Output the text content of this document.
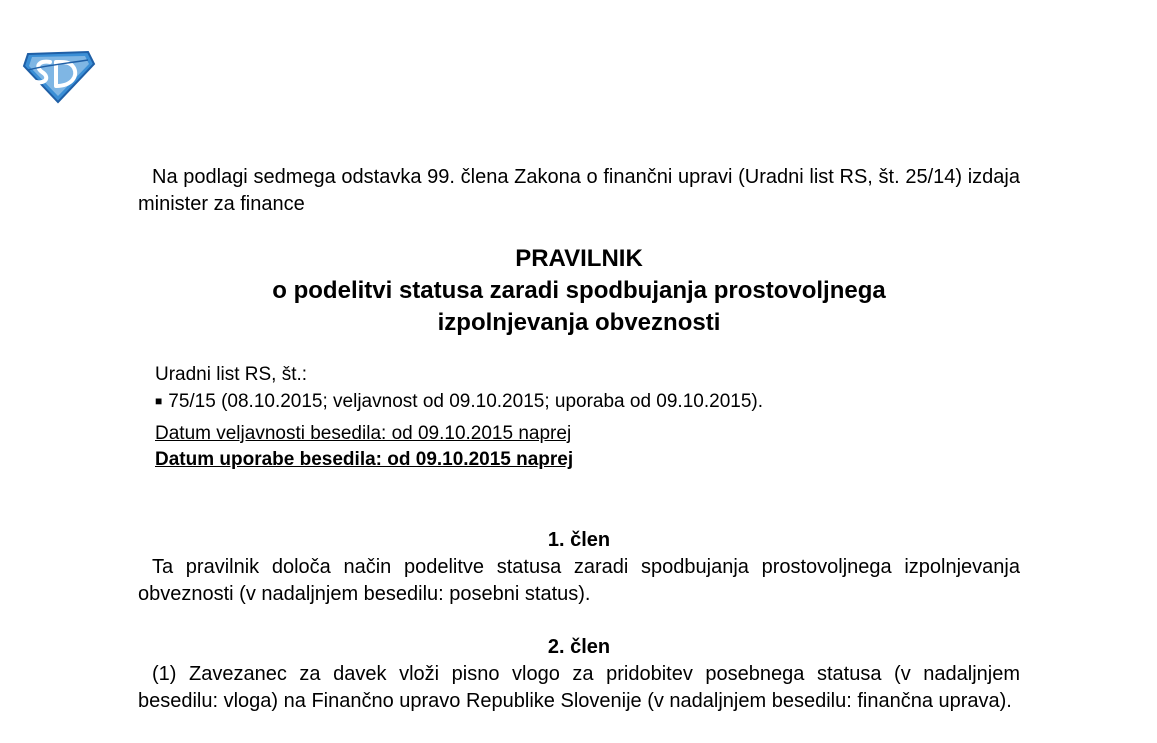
Na podlagi sedmega odstavka 99. člena Zakona o finančni upravi (Uradni list RS, št. 25/14) izdaja minister za finance

PRAVILNIK
o podelitvi statusa zaradi spodbujanja prostovoljnega
izpolnjevanja obveznosti
Uradni list RS, št.:
■ 75/15 (08.10.2015; veljavnost od 09.10.2015; uporaba od 09.10.2015).
Datum veljavnosti besedila: od 09.10.2015 naprej
Datum uporabe besedila: od 09.10.2015 naprej
1. člen

Ta pravilnik določa način podelitve statusa zaradi spodbujanja prostovoljnega izpolnjevanja obveznosti (v nadaljnjem besedilu: posebni status).

2. člen

(1) Zavezanec za davek vloži pisno vlogo za pridobitev posebnega statusa (v nadaljnjem besedilu: vloga) na Finančno upravo Republike Slovenije (v nadaljnjem besedilu: finančna uprava).
